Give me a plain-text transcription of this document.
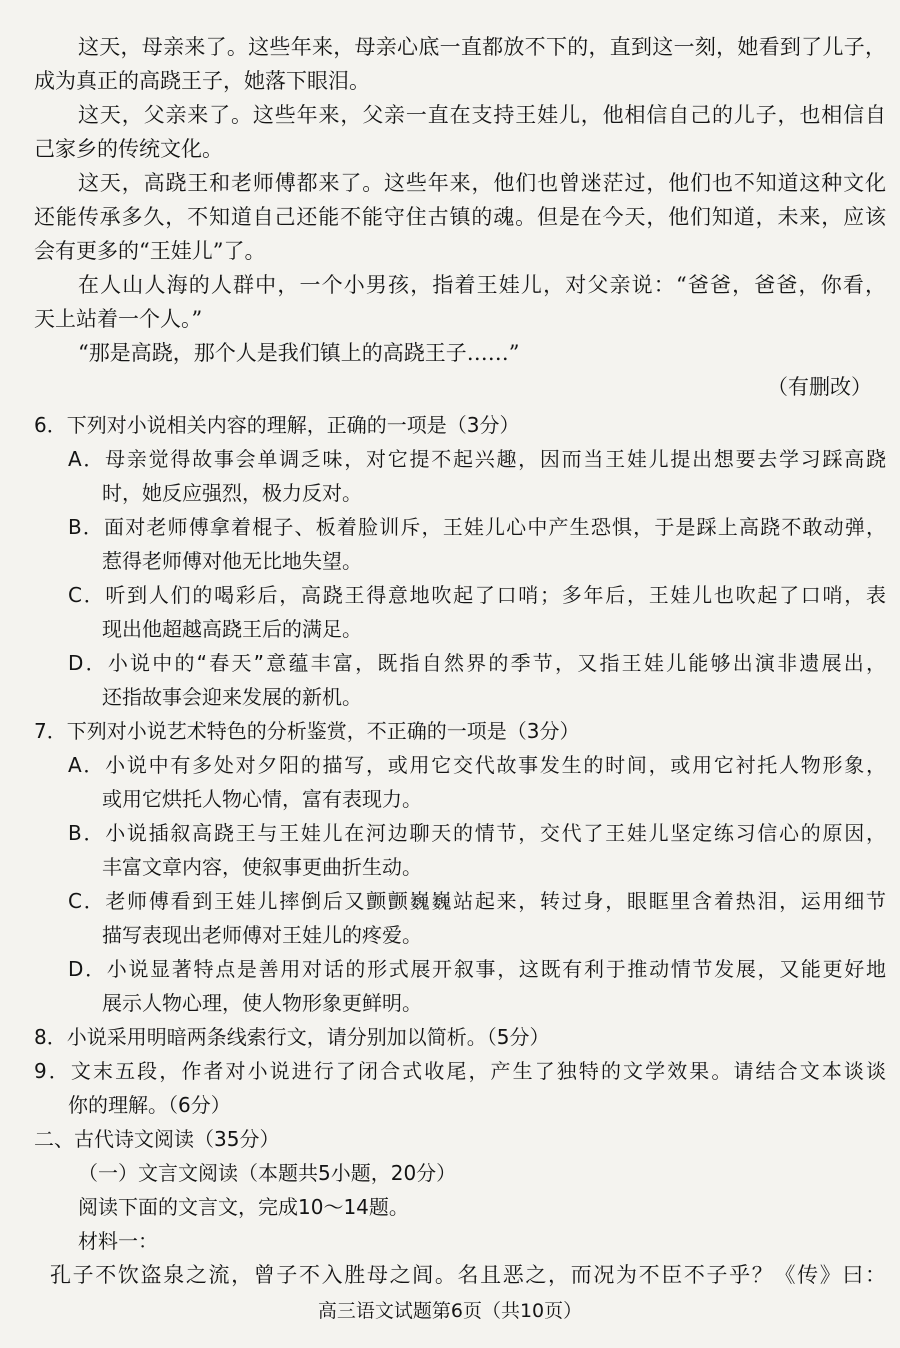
这天，母亲来了。这些年来，母亲心底一直都放不下的，直到这一刻，她看到了儿子，
成为真正的高跷王子，她落下眼泪。
这天，父亲来了。这些年来，父亲一直在支持王娃儿，他相信自己的儿子，也相信自
己家乡的传统文化。
这天，高跷王和老师傅都来了。这些年来，他们也曾迷茫过，他们也不知道这种文化
还能传承多久，不知道自己还能不能守住古镇的魂。但是在今天，他们知道，未来，应该
会有更多的“王娃儿”了。
在人山人海的人群中，一个小男孩，指着王娃儿，对父亲说：“爸爸，爸爸，你看，
天上站着一个人。”
“那是高跷，那个人是我们镇上的高跷王子……”
（有删改）
6．下列对小说相关内容的理解，正确的一项是（3分）
A．母亲觉得故事会单调乏味，对它提不起兴趣，因而当王娃儿提出想要去学习踩高跷
时，她反应强烈，极力反对。
B．面对老师傅拿着棍子、板着脸训斥，王娃儿心中产生恐惧，于是踩上高跷不敢动弹，
惹得老师傅对他无比地失望。
C．听到人们的喝彩后，高跷王得意地吹起了口哨；多年后，王娃儿也吹起了口哨，表
现出他超越高跷王后的满足。
D．小说中的“春天”意蕴丰富，既指自然界的季节，又指王娃儿能够出演非遗展出，
还指故事会迎来发展的新机。
7．下列对小说艺术特色的分析鉴赏，不正确的一项是（3分）
A．小说中有多处对夕阳的描写，或用它交代故事发生的时间，或用它衬托人物形象，
或用它烘托人物心情，富有表现力。
B．小说插叙高跷王与王娃儿在河边聊天的情节，交代了王娃儿坚定练习信心的原因，
丰富文章内容，使叙事更曲折生动。
C．老师傅看到王娃儿摔倒后又颤颤巍巍站起来，转过身，眼眶里含着热泪，运用细节
描写表现出老师傅对王娃儿的疼爱。
D．小说显著特点是善用对话的形式展开叙事，这既有利于推动情节发展，又能更好地
展示人物心理，使人物形象更鲜明。
8．小说采用明暗两条线索行文，请分别加以简析。（5分）
9．文末五段，作者对小说进行了闭合式收尾，产生了独特的文学效果。请结合文本谈谈
你的理解。（6分）
二、古代诗文阅读（35分）
（一）文言文阅读（本题共5小题，20分）
阅读下面的文言文，完成10～14题。
材料一：
孔子不饮盗泉之流，曾子不入胜母之闾。名且恶之，而况为不臣不子乎？《传》曰：
高三语文试题第6页（共10页）
